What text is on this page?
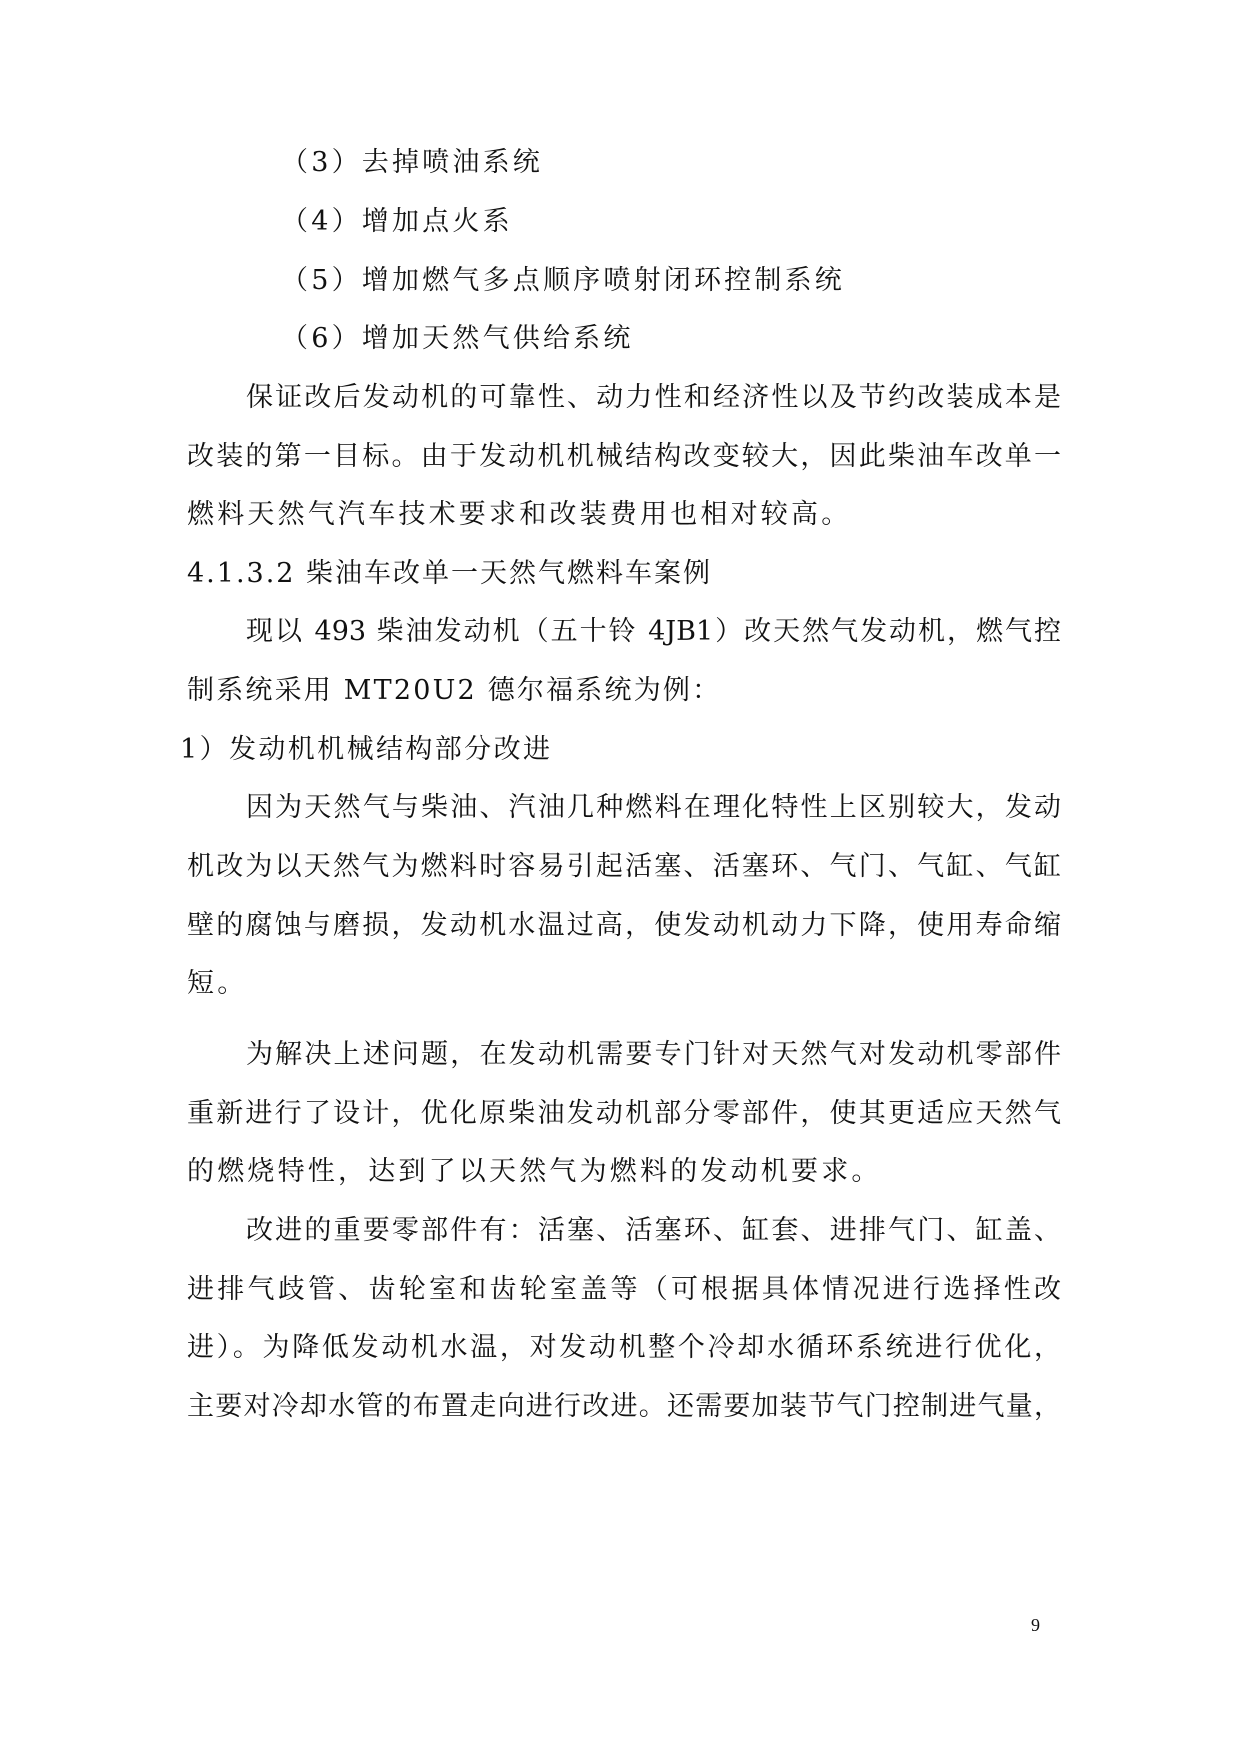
（3）去掉喷油系统
（4）增加点火系
（5）增加燃气多点顺序喷射闭环控制系统
（6）增加天然气供给系统
保证改后发动机的可靠性、动力性和经济性以及节约改装成本是
改装的第一目标。由于发动机机械结构改变较大，因此柴油车改单一
燃料天然气汽车技术要求和改装费用也相对较高。
4.1.3.2 柴油车改单一天然气燃料车案例
现以 493 柴油发动机（五十铃 4JB1）改天然气发动机，燃气控
制系统采用 MT20U2 德尔福系统为例：
1）发动机机械结构部分改进
因为天然气与柴油、汽油几种燃料在理化特性上区别较大，发动
机改为以天然气为燃料时容易引起活塞、活塞环、气门、气缸、气缸
壁的腐蚀与磨损，发动机水温过高，使发动机动力下降，使用寿命缩
短。
为解决上述问题，在发动机需要专门针对天然气对发动机零部件
重新进行了设计，优化原柴油发动机部分零部件，使其更适应天然气
的燃烧特性，达到了以天然气为燃料的发动机要求。
改进的重要零部件有：活塞、活塞环、缸套、进排气门、缸盖、
进排气歧管、齿轮室和齿轮室盖等（可根据具体情况进行选择性改
进）。为降低发动机水温，对发动机整个冷却水循环系统进行优化，
主要对冷却水管的布置走向进行改进。还需要加装节气门控制进气量，
9
